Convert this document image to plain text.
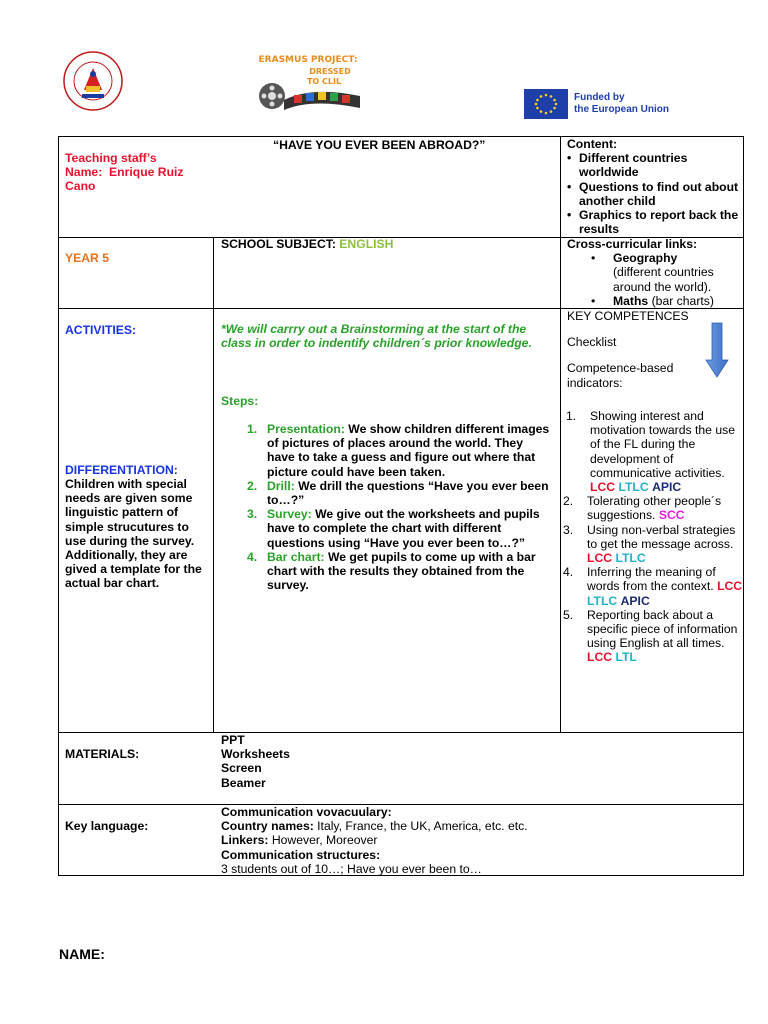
ERASMUS PROJECT:
DRESSED
TO CLIL
Funded by
the European Union
“HAVE YOU EVER BEEN ABROAD?”
Teaching staff’s
Name: Enrique Ruiz
Cano
Content:
• Different countries worldwide
• Questions to find out about another child
• Graphics to report back the results
YEAR 5
SCHOOL SUBJECT: ENGLISH	Cross-curricular links:
• Geography
(different countries around the world).
• Maths (bar charts)
ACTIVITIES:
DIFFERENTIATION:
Children with special needs are given some linguistic pattern of simple strucutures to use during the survey. Additionally, they are gived a template for the actual bar chart.
*We will carrry out a Brainstorming at the start of the class in order to indentify children´s prior knowledge.
Steps:
1. Presentation: We show children different images of pictures of places around the world. They have to take a guess and figure out where that picture could have been taken.
2. Drill: We drill the questions “Have you ever been to…?”
3. Survey: We give out the worksheets and pupils have to complete the chart with different questions using “Have you ever been to…?”
4. Bar chart: We get pupils to come up with a bar chart with the results they obtained from the survey.
KEY COMPETENCES
Checklist
Competence-based indicators:
1. Showing interest and motivation towards the use of the FL during the development of communicative activities. LCC LTLC APIC
2. Tolerating other people´s suggestions. SCC
3. Using non-verbal strategies to get the message across. LCC LTLC
4. Inferring the meaning of words from the context. LCC LTLC APIC
5. Reporting back about a specific piece of information using English at all times. LCC LTL
MATERIALS:
PPT
Worksheets
Screen
Beamer
Key language:
Communication vovacuulary:
Country names: Italy, France, the UK, America, etc. etc.
Linkers: However, Moreover
Communication structures:
3 students out of 10…; Have you ever been to…
NAME:
